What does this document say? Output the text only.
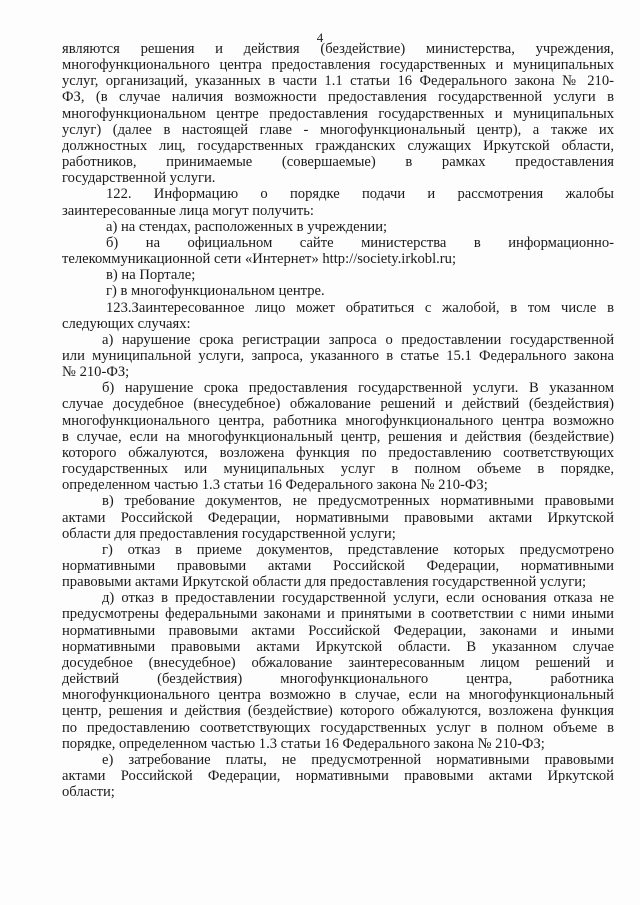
4

являются решения и действия (бездействие) министерства, учреждения,

многофункционального центра предоставления государственных и муниципальных

услуг, организаций, указанных в части 1.1 статьи 16 Федерального закона № 210-

ФЗ, (в случае наличия возможности предоставления государственной услуги в

многофункциональном центре предоставления государственных и муниципальных

услуг) (далее в настоящей главе - многофункциональный центр), а также их

должностных лиц, государственных гражданских служащих Иркутской области,

работников, принимаемые (совершаемые) в рамках предоставления

государственной услуги.

122. Информацию о порядке подачи и рассмотрения жалобы

заинтересованные лица могут получить:

а) на стендах, расположенных в учреждении;

б) на официальном сайте министерства в информационно-

телекоммуникационной сети «Интернет» http://society.irkobl.ru;

в) на Портале;

г) в многофункциональном центре.

123.Заинтересованное лицо может обратиться с жалобой, в том числе в

следующих случаях:

а) нарушение срока регистрации запроса о предоставлении государственной

или муниципальной услуги, запроса, указанного в статье 15.1 Федерального закона

№ 210-ФЗ;

б) нарушение срока предоставления государственной услуги. В указанном

случае досудебное (внесудебное) обжалование решений и действий (бездействия)

многофункционального центра, работника многофункционального центра возможно

в случае, если на многофункциональный центр, решения и действия (бездействие)

которого обжалуются, возложена функция по предоставлению соответствующих

государственных или муниципальных услуг в полном объеме в порядке,

определенном частью 1.3 статьи 16 Федерального закона № 210-ФЗ;

в) требование документов, не предусмотренных нормативными правовыми

актами Российской Федерации, нормативными правовыми актами Иркутской

области для предоставления государственной услуги;

г) отказ в приеме документов, представление которых предусмотрено

нормативными правовыми актами Российской Федерации, нормативными

правовыми актами Иркутской области для предоставления государственной услуги;

д) отказ в предоставлении государственной услуги, если основания отказа не

предусмотрены федеральными законами и принятыми в соответствии с ними иными

нормативными правовыми актами Российской Федерации, законами и иными

нормативными правовыми актами Иркутской области. В указанном случае

досудебное (внесудебное) обжалование заинтересованным лицом решений и

действий (бездействия) многофункционального центра, работника

многофункционального центра возможно в случае, если на многофункциональный

центр, решения и действия (бездействие) которого обжалуются, возложена функция

по предоставлению соответствующих государственных услуг в полном объеме в

порядке, определенном частью 1.3 статьи 16 Федерального закона № 210-ФЗ;

е) затребование платы, не предусмотренной нормативными правовыми

актами Российской Федерации, нормативными правовыми актами Иркутской

области;
